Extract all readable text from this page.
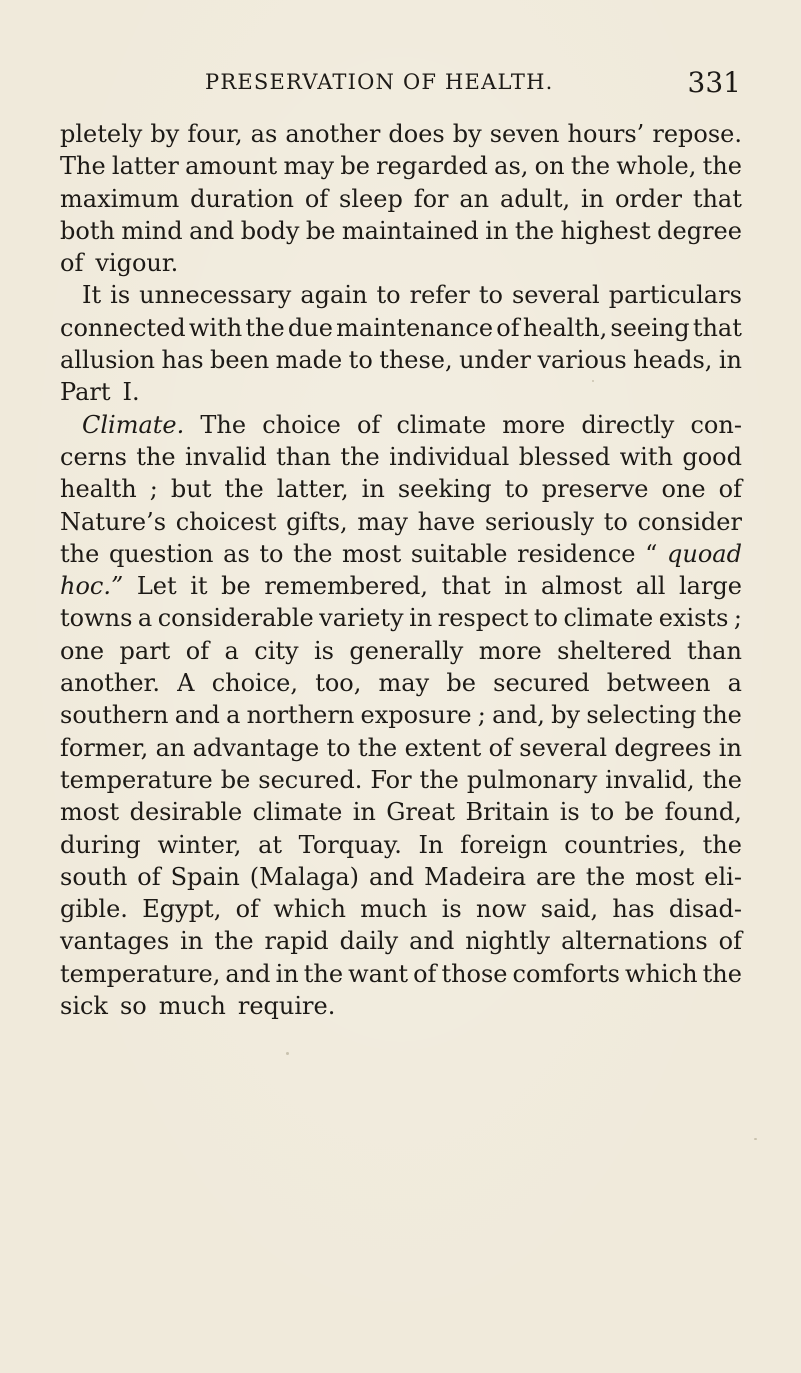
PRESERVATION OF HEALTH.	331
pletely by four, as another does by seven hours’ repose.
The latter amount may be regarded as, on the whole, the
maximum duration of sleep for an adult, in order that
both mind and body be maintained in the highest degree
of vigour.
It is unnecessary again to refer to several particulars
connected with the due maintenance of health, seeing that
allusion has been made to these, under various heads, in
Part I.
Climate. The choice of climate more directly con-
cerns the invalid than the individual blessed with good
health ; but the latter, in seeking to preserve one of
Nature’s choicest gifts, may have seriously to consider
the question as to the most suitable residence “ quoad
hoc.” Let it be remembered, that in almost all large
towns a considerable variety in respect to climate exists ;
one part of a city is generally more sheltered than
another. A choice, too, may be secured between a
southern and a northern exposure ; and, by selecting the
former, an advantage to the extent of several degrees in
temperature be secured. For the pulmonary invalid, the
most desirable climate in Great Britain is to be found,
during winter, at Torquay. In foreign countries, the
south of Spain (Malaga) and Madeira are the most eli-
gible. Egypt, of which much is now said, has disad-
vantages in the rapid daily and nightly alternations of
temperature, and in the want of those comforts which the
sick so much require.
